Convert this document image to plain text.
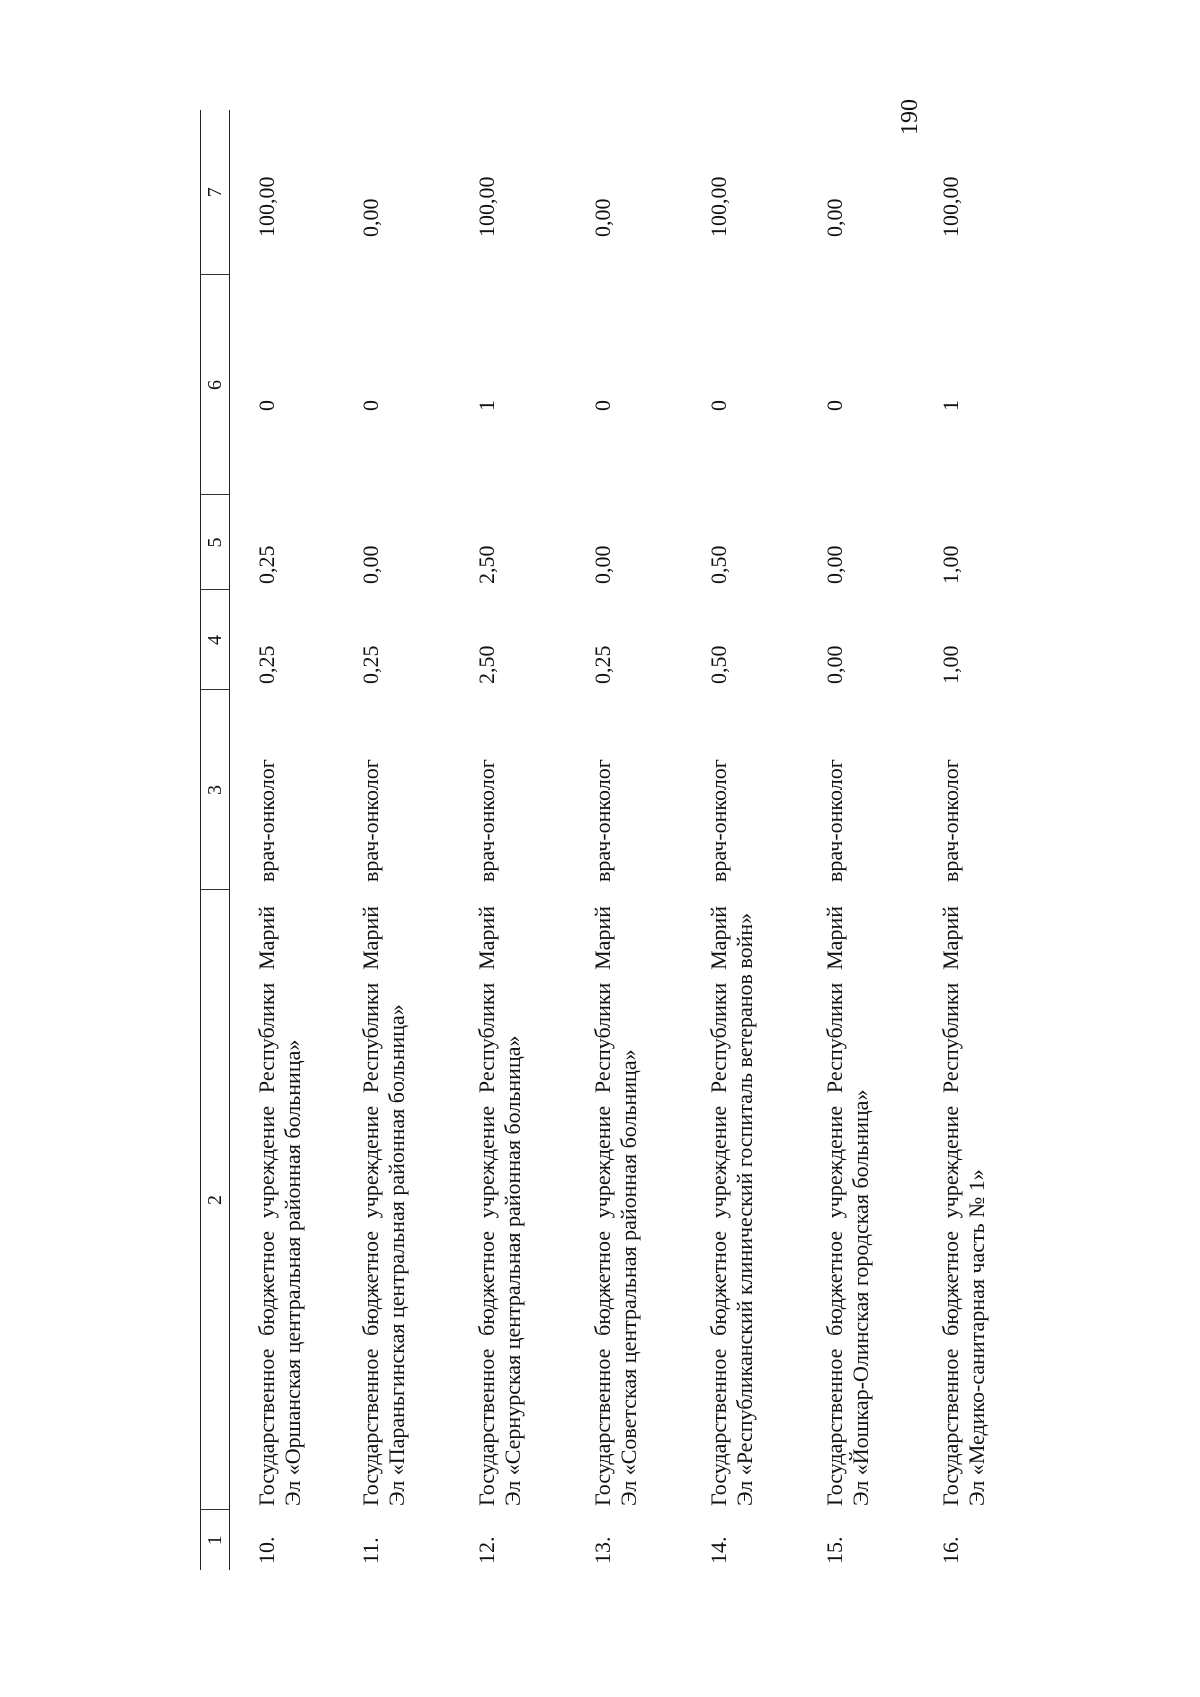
190
1	2	3	4	5	6	7
10.	Государственное бюджетное учреждение Республики Марий Эл «Оршанская центральная районная больница»	врач-онколог	0,25	0,25	0	100,00
11.	Государственное бюджетное учреждение Республики Марий Эл «Параньгинская центральная районная больница»	врач-онколог	0,25	0,00	0	0,00
12.	Государственное бюджетное учреждение Республики Марий Эл «Сернурская центральная районная больница»	врач-онколог	2,50	2,50	1	100,00
13.	Государственное бюджетное учреждение Республики Марий Эл «Советская центральная районная больница»	врач-онколог	0,25	0,00	0	0,00
14.	Государственное бюджетное учреждение Республики Марий Эл «Республиканский клинический госпиталь ветеранов войн»	врач-онколог	0,50	0,50	0	100,00
15.	Государственное бюджетное учреждение Республики Марий Эл «Йошкар-Олинская городская больница»	врач-онколог	0,00	0,00	0	0,00
16.	Государственное бюджетное учреждение Республики Марий Эл «Медико-санитарная часть № 1»	врач-онколог	1,00	1,00	1	100,00
